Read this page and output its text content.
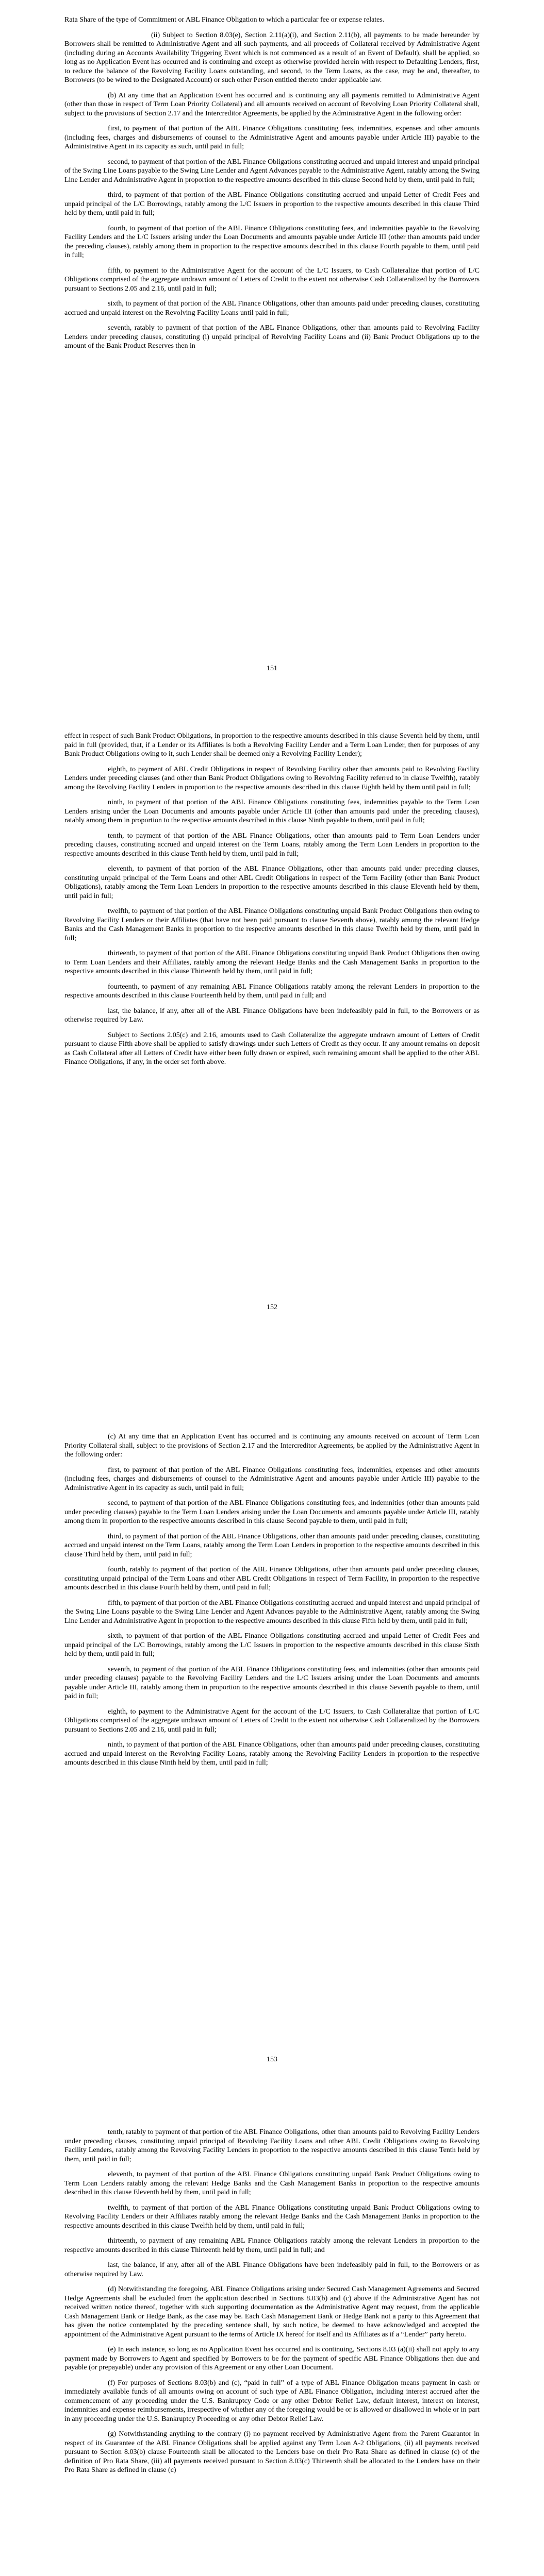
Rata Share of the type of Commitment or ABL Finance Obligation to which a particular fee or expense relates.

(ii) Subject to Section 8.03(e), Section 2.11(a)(i), and Section 2.11(b), all payments to be made hereunder by Borrowers shall be remitted to Administrative Agent and all such payments, and all proceeds of Collateral received by Administrative Agent (including during an Accounts Availability Triggering Event which is not commenced as a result of an Event of Default), shall be applied, so long as no Application Event has occurred and is continuing and except as otherwise provided herein with respect to Defaulting Lenders, first, to reduce the balance of the Revolving Facility Loans outstanding, and second, to the Term Loans, as the case, may be and, thereafter, to Borrowers (to be wired to the Designated Account) or such other Person entitled thereto under applicable law.

(b) At any time that an Application Event has occurred and is continuing any all payments remitted to Administrative Agent (other than those in respect of Term Loan Priority Collateral) and all amounts received on account of Revolving Loan Priority Collateral shall, subject to the provisions of Section 2.17 and the Intercreditor Agreements, be applied by the Administrative Agent in the following order:

first, to payment of that portion of the ABL Finance Obligations constituting fees, indemnities, expenses and other amounts (including fees, charges and disbursements of counsel to the Administrative Agent and amounts payable under Article III) payable to the Administrative Agent in its capacity as such, until paid in full;

second, to payment of that portion of the ABL Finance Obligations constituting accrued and unpaid interest and unpaid principal of the Swing Line Loans payable to the Swing Line Lender and Agent Advances payable to the Administrative Agent, ratably among the Swing Line Lender and Administrative Agent in proportion to the respective amounts described in this clause Second held by them, until paid in full;

third, to payment of that portion of the ABL Finance Obligations constituting accrued and unpaid Letter of Credit Fees and unpaid principal of the L/C Borrowings, ratably among the L/C Issuers in proportion to the respective amounts described in this clause Third held by them, until paid in full;

fourth, to payment of that portion of the ABL Finance Obligations constituting fees, and indemnities payable to the Revolving Facility Lenders and the L/C Issuers arising under the Loan Documents and amounts payable under Article III (other than amounts paid under the preceding clauses), ratably among them in proportion to the respective amounts described in this clause Fourth payable to them, until paid in full;

fifth, to payment to the Administrative Agent for the account of the L/C Issuers, to Cash Collateralize that portion of L/C Obligations comprised of the aggregate undrawn amount of Letters of Credit to the extent not otherwise Cash Collateralized by the Borrowers pursuant to Sections 2.05 and 2.16, until paid in full;

sixth, to payment of that portion of the ABL Finance Obligations, other than amounts paid under preceding clauses, constituting accrued and unpaid interest on the Revolving Facility Loans until paid in full;

seventh, ratably to payment of that portion of the ABL Finance Obligations, other than amounts paid to Revolving Facility Lenders under preceding clauses, constituting (i) unpaid principal of Revolving Facility Loans and (ii) Bank Product Obligations up to the amount of the Bank Product Reserves then in

151

effect in respect of such Bank Product Obligations, in proportion to the respective amounts described in this clause Seventh held by them, until paid in full (provided, that, if a Lender or its Affiliates is both a Revolving Facility Lender and a Term Loan Lender, then for purposes of any Bank Product Obligations owing to it, such Lender shall be deemed only a Revolving Facility Lender);

eighth, to payment of ABL Credit Obligations in respect of Revolving Facility other than amounts paid to Revolving Facility Lenders under preceding clauses (and other than Bank Product Obligations owing to Revolving Facility referred to in clause Twelfth), ratably among the Revolving Facility Lenders in proportion to the respective amounts described in this clause Eighth held by them until paid in full;

ninth, to payment of that portion of the ABL Finance Obligations constituting fees, indemnities payable to the Term Loan Lenders arising under the Loan Documents and amounts payable under Article III (other than amounts paid under the preceding clauses), ratably among them in proportion to the respective amounts described in this clause Ninth payable to them, until paid in full;

tenth, to payment of that portion of the ABL Finance Obligations, other than amounts paid to Term Loan Lenders under preceding clauses, constituting accrued and unpaid interest on the Term Loans, ratably among the Term Loan Lenders in proportion to the respective amounts described in this clause Tenth held by them, until paid in full;

eleventh, to payment of that portion of the ABL Finance Obligations, other than amounts paid under preceding clauses, constituting unpaid principal of the Term Loans and other ABL Credit Obligations in respect of the Term Facility (other than Bank Product Obligations), ratably among the Term Loan Lenders in proportion to the respective amounts described in this clause Eleventh held by them, until paid in full;

twelfth, to payment of that portion of the ABL Finance Obligations constituting unpaid Bank Product Obligations then owing to Revolving Facility Lenders or their Affiliates (that have not been paid pursuant to clause Seventh above), ratably among the relevant Hedge Banks and the Cash Management Banks in proportion to the respective amounts described in this clause Twelfth held by them, until paid in full;

thirteenth, to payment of that portion of the ABL Finance Obligations constituting unpaid Bank Product Obligations then owing to Term Loan Lenders and their Affiliates, ratably among the relevant Hedge Banks and the Cash Management Banks in proportion to the respective amounts described in this clause Thirteenth held by them, until paid in full;

fourteenth, to payment of any remaining ABL Finance Obligations ratably among the relevant Lenders in proportion to the respective amounts described in this clause Fourteenth held by them, until paid in full; and

last, the balance, if any, after all of the ABL Finance Obligations have been indefeasibly paid in full, to the Borrowers or as otherwise required by Law.

Subject to Sections 2.05(c) and 2.16, amounts used to Cash Collateralize the aggregate undrawn amount of Letters of Credit pursuant to clause Fifth above shall be applied to satisfy drawings under such Letters of Credit as they occur. If any amount remains on deposit as Cash Collateral after all Letters of Credit have either been fully drawn or expired, such remaining amount shall be applied to the other ABL Finance Obligations, if any, in the order set forth above.

152

(c) At any time that an Application Event has occurred and is continuing any amounts received on account of Term Loan Priority Collateral shall, subject to the provisions of Section 2.17 and the Intercreditor Agreements, be applied by the Administrative Agent in the following order:

first, to payment of that portion of the ABL Finance Obligations constituting fees, indemnities, expenses and other amounts (including fees, charges and disbursements of counsel to the Administrative Agent and amounts payable under Article III) payable to the Administrative Agent in its capacity as such, until paid in full;

second, to payment of that portion of the ABL Finance Obligations constituting fees, and indemnities (other than amounts paid under preceding clauses) payable to the Term Loan Lenders arising under the Loan Documents and amounts payable under Article III, ratably among them in proportion to the respective amounts described in this clause Second payable to them, until paid in full;

third, to payment of that portion of the ABL Finance Obligations, other than amounts paid under preceding clauses, constituting accrued and unpaid interest on the Term Loans, ratably among the Term Loan Lenders in proportion to the respective amounts described in this clause Third held by them, until paid in full;

fourth, ratably to payment of that portion of the ABL Finance Obligations, other than amounts paid under preceding clauses, constituting unpaid principal of the Term Loans and other ABL Credit Obligations in respect of Term Facility, in proportion to the respective amounts described in this clause Fourth held by them, until paid in full;

fifth, to payment of that portion of the ABL Finance Obligations constituting accrued and unpaid interest and unpaid principal of the Swing Line Loans payable to the Swing Line Lender and Agent Advances payable to the Administrative Agent, ratably among the Swing Line Lender and Administrative Agent in proportion to the respective amounts described in this clause Fifth held by them, until paid in full;

sixth, to payment of that portion of the ABL Finance Obligations constituting accrued and unpaid Letter of Credit Fees and unpaid principal of the L/C Borrowings, ratably among the L/C Issuers in proportion to the respective amounts described in this clause Sixth held by them, until paid in full;

seventh, to payment of that portion of the ABL Finance Obligations constituting fees, and indemnities (other than amounts paid under preceding clauses) payable to the Revolving Facility Lenders and the L/C Issuers arising under the Loan Documents and amounts payable under Article III, ratably among them in proportion to the respective amounts described in this clause Seventh payable to them, until paid in full;

eighth, to payment to the Administrative Agent for the account of the L/C Issuers, to Cash Collateralize that portion of L/C Obligations comprised of the aggregate undrawn amount of Letters of Credit to the extent not otherwise Cash Collateralized by the Borrowers pursuant to Sections 2.05 and 2.16, until paid in full;

ninth, to payment of that portion of the ABL Finance Obligations, other than amounts paid under preceding clauses, constituting accrued and unpaid interest on the Revolving Facility Loans, ratably among the Revolving Facility Lenders in proportion to the respective amounts described in this clause Ninth held by them, until paid in full;

153

tenth, ratably to payment of that portion of the ABL Finance Obligations, other than amounts paid to Revolving Facility Lenders under preceding clauses, constituting unpaid principal of Revolving Facility Loans and other ABL Credit Obligations owing to Revolving Facility Lenders, ratably among the Revolving Facility Lenders in proportion to the respective amounts described in this clause Tenth held by them, until paid in full;

eleventh, to payment of that portion of the ABL Finance Obligations constituting unpaid Bank Product Obligations owing to Term Loan Lenders ratably among the relevant Hedge Banks and the Cash Management Banks in proportion to the respective amounts described in this clause Eleventh held by them, until paid in full;

twelfth, to payment of that portion of the ABL Finance Obligations constituting unpaid Bank Product Obligations owing to Revolving Facility Lenders or their Affiliates ratably among the relevant Hedge Banks and the Cash Management Banks in proportion to the respective amounts described in this clause Twelfth held by them, until paid in full;

thirteenth, to payment of any remaining ABL Finance Obligations ratably among the relevant Lenders in proportion to the respective amounts described in this clause Thirteenth held by them, until paid in full; and

last, the balance, if any, after all of the ABL Finance Obligations have been indefeasibly paid in full, to the Borrowers or as otherwise required by Law.

(d) Notwithstanding the foregoing, ABL Finance Obligations arising under Secured Cash Management Agreements and Secured Hedge Agreements shall be excluded from the application described in Sections 8.03(b) and (c) above if the Administrative Agent has not received written notice thereof, together with such supporting documentation as the Administrative Agent may request, from the applicable Cash Management Bank or Hedge Bank, as the case may be. Each Cash Management Bank or Hedge Bank not a party to this Agreement that has given the notice contemplated by the preceding sentence shall, by such notice, be deemed to have acknowledged and accepted the appointment of the Administrative Agent pursuant to the terms of Article IX hereof for itself and its Affiliates as if a “Lender” party hereto.

(e) In each instance, so long as no Application Event has occurred and is continuing, Sections 8.03 (a)(ii) shall not apply to any payment made by Borrowers to Agent and specified by Borrowers to be for the payment of specific ABL Finance Obligations then due and payable (or prepayable) under any provision of this Agreement or any other Loan Document.

(f) For purposes of Sections 8.03(b) and (c), “paid in full” of a type of ABL Finance Obligation means payment in cash or immediately available funds of all amounts owing on account of such type of ABL Finance Obligation, including interest accrued after the commencement of any proceeding under the U.S. Bankruptcy Code or any other Debtor Relief Law, default interest, interest on interest, indemnities and expense reimbursements, irrespective of whether any of the foregoing would be or is allowed or disallowed in whole or in part in any proceeding under the U.S. Bankruptcy Proceeding or any other Debtor Relief Law.

(g) Notwithstanding anything to the contrary (i) no payment received by Administrative Agent from the Parent Guarantor in respect of its Guarantee of the ABL Finance Obligations shall be applied against any Term Loan A-2 Obligations, (ii) all payments received pursuant to Section 8.03(b) clause Fourteenth shall be allocated to the Lenders base on their Pro Rata Share as defined in clause (c) of the definition of Pro Rata Share, (iii) all payments received pursuant to Section 8.03(c) Thirteenth shall be allocated to the Lenders base on their Pro Rata Share as defined in clause (c)
